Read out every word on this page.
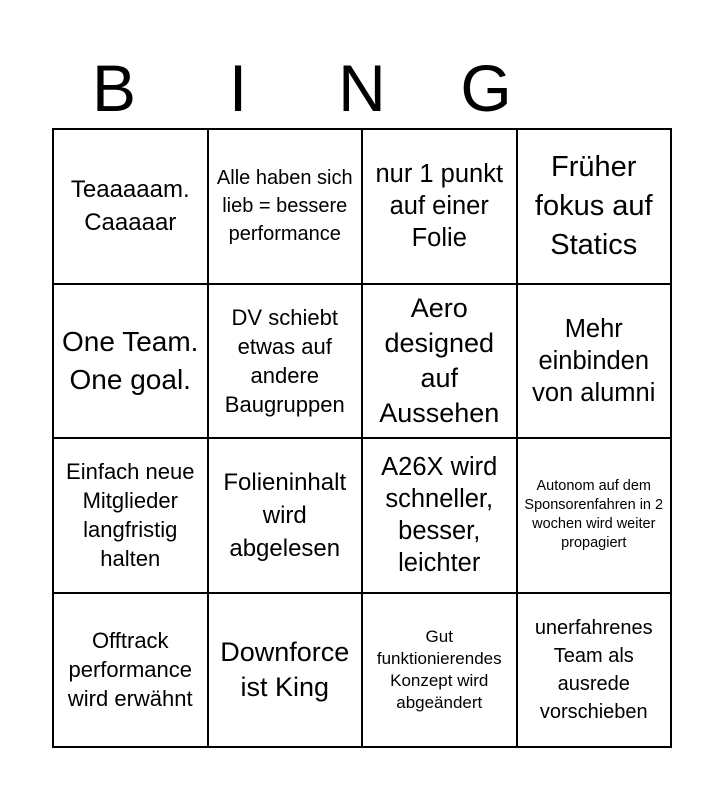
B	I	N	G
Teaaaaam. Caaaaar
Alle haben sich lieb = bessere performance
nur 1 punkt auf einer Folie
Früher fokus auf Statics
One Team. One goal.
DV schiebt etwas auf andere Baugruppen
Aero designed auf Aussehen
Mehr einbinden von alumni
Einfach neue Mitglieder langfristig halten
Folieninhalt wird abgelesen
A26X wird schneller, besser, leichter
Autonom auf dem Sponsorenfahren in 2 wochen wird weiter propagiert
Offtrack performance wird erwähnt
Downforce ist King
Gut funktionierendes Konzept wird abgeändert
unerfahrenes Team als ausrede vorschieben
